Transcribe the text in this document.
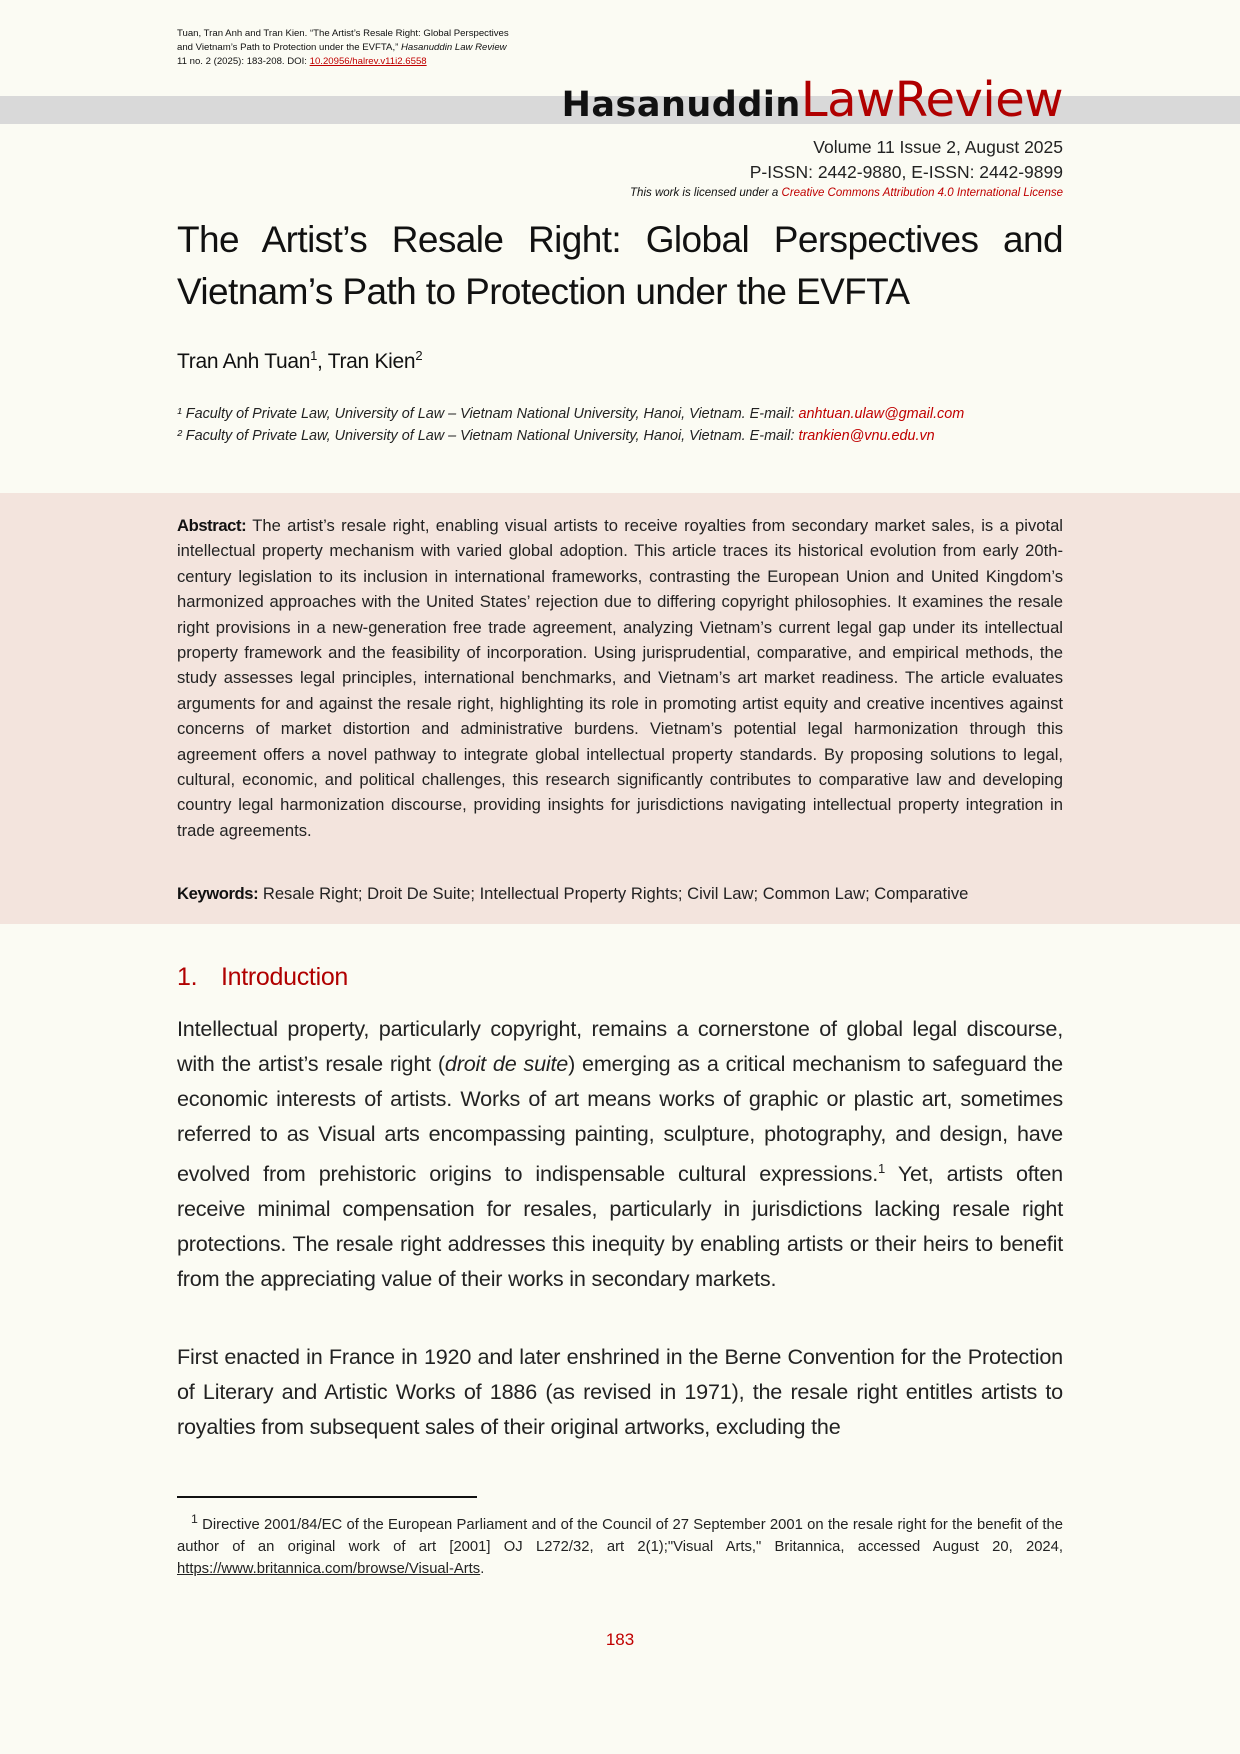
Tuan, Tran Anh and Tran Kien. “The Artist’s Resale Right: Global Perspectives
and Vietnam’s Path to Protection under the EVFTA,” Hasanuddin Law Review
11 no. 2 (2025): 183-208. DOI: 10.20956/halrev.v11i2.6558
HasanuddinLawReview
Volume 11 Issue 2, August 2025
P-ISSN: 2442-9880, E-ISSN: 2442-9899
This work is licensed under a Creative Commons Attribution 4.0 International License
The Artist’s Resale Right: Global Perspectives and
Vietnam’s Path to Protection under the EVFTA
Tran Anh Tuan$^1$, Tran Kien$^2$
¹ Faculty of Private Law, University of Law – Vietnam National University, Hanoi, Vietnam. E-mail: anhtuan.ulaw@gmail.com
² Faculty of Private Law, University of Law – Vietnam National University, Hanoi, Vietnam. E-mail: trankien@vnu.edu.vn

Abstract: The artist’s resale right, enabling visual artists to receive royalties from secondary market sales, is a pivotal intellectual property mechanism with varied global adoption. This article traces its historical evolution from early 20th-century legislation to its inclusion in international frameworks, contrasting the European Union and United Kingdom’s harmonized approaches with the United States’ rejection due to differing copyright philosophies. It examines the resale right provisions in a new-generation free trade agreement, analyzing Vietnam’s current legal gap under its intellectual property framework and the feasibility of incorporation. Using jurisprudential, comparative, and empirical methods, the study assesses legal principles, international benchmarks, and Vietnam’s art market readiness. The article evaluates arguments for and against the resale right, highlighting its role in promoting artist equity and creative incentives against concerns of market distortion and administrative burdens. Vietnam’s potential legal harmonization through this agreement offers a novel pathway to integrate global intellectual property standards. By proposing solutions to legal, cultural, economic, and political challenges, this research significantly contributes to comparative law and developing country legal harmonization discourse, providing insights for jurisdictions navigating intellectual property integration in trade agreements.

Keywords: Resale Right; Droit De Suite; Intellectual Property Rights; Civil Law; Common Law; Comparative
1. Introduction

Intellectual property, particularly copyright, remains a cornerstone of global legal discourse, with the artist’s resale right (droit de suite) emerging as a critical mechanism to safeguard the economic interests of artists. Works of art means works of graphic or plastic art, sometimes referred to as Visual arts encompassing painting, sculpture, photography, and design, have evolved from prehistoric origins to indispensable cultural expressions.$^1$ Yet, artists often receive minimal compensation for resales, particularly in jurisdictions lacking resale right protections. The resale right addresses this inequity by enabling artists or their heirs to benefit from the appreciating value of their works in secondary markets.

First enacted in France in 1920 and later enshrined in the Berne Convention for the Protection of Literary and Artistic Works of 1886 (as revised in 1971), the resale right entitles artists to royalties from subsequent sales of their original artworks, excluding the

$^1$ Directive 2001/84/EC of the European Parliament and of the Council of 27 September 2001 on the resale right for the benefit of the author of an original work of art [2001] OJ L272/32, art 2(1);"Visual Arts," Britannica, accessed August 20, 2024, https://www.britannica.com/browse/Visual-Arts.

183
